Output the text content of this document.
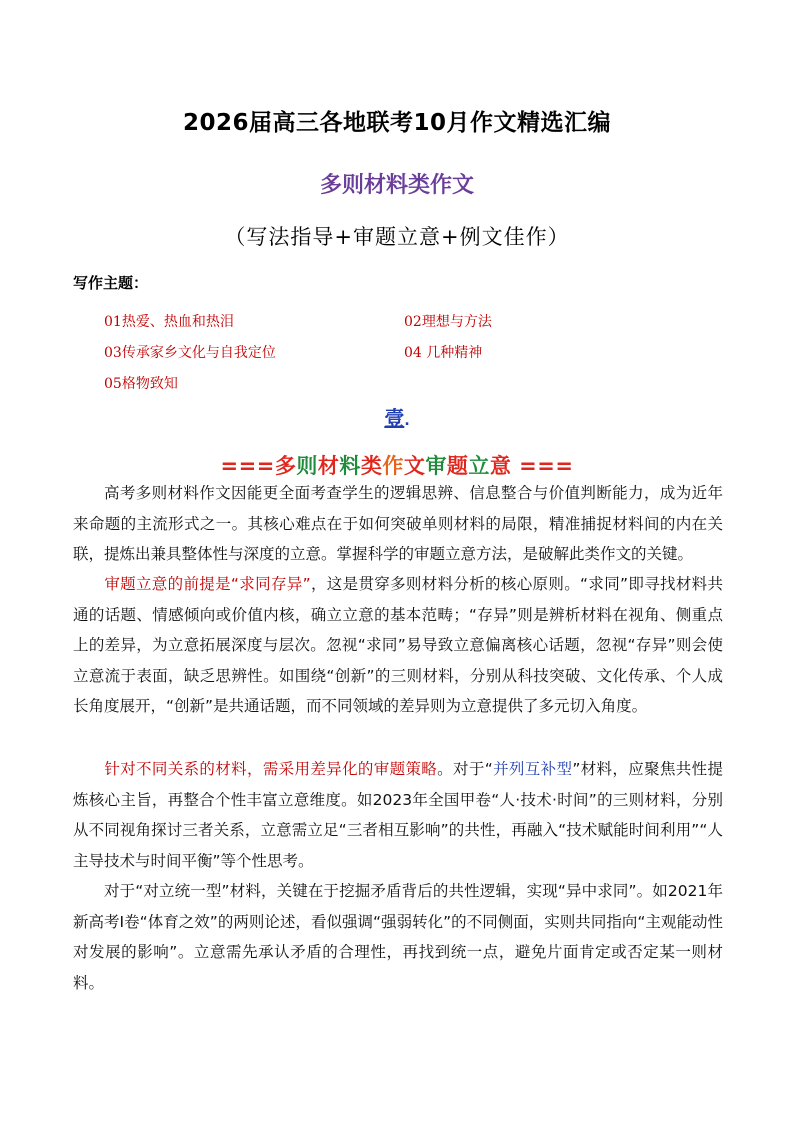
2026届高三各地联考10月作文精选汇编
多则材料类作文
（写法指导+审题立意+例文佳作）
写作主题：
01热爱、热血和热泪	02理想与方法
03传承家乡文化与自我定位	04 几种精神
05格物致知
壹.
===多则材料类作文审题立意 ===

高考多则材料作文因能更全面考查学生的逻辑思辨、信息整合与价值判断能力，成为近年来命题的主流形式之一。其核心难点在于如何突破单则材料的局限，精准捕捉材料间的内在关联，提炼出兼具整体性与深度的立意。掌握科学的审题立意方法，是破解此类作文的关键。

审题立意的前提是“求同存异”，这是贯穿多则材料分析的核心原则。“求同”即寻找材料共通的话题、情感倾向或价值内核，确立立意的基本范畴；“存异”则是辨析材料在视角、侧重点上的差异，为立意拓展深度与层次。忽视“求同”易导致立意偏离核心话题，忽视“存异”则会使立意流于表面，缺乏思辨性。如围绕“创新”的三则材料，分别从科技突破、文化传承、个人成长角度展开，“创新”是共通话题，而不同领域的差异则为立意提供了多元切入角度。

针对不同关系的材料，需采用差异化的审题策略。对于“并列互补型”材料，应聚焦共性提炼核心主旨，再整合个性丰富立意维度。如2023年全国甲卷“人·技术·时间”的三则材料，分别从不同视角探讨三者关系，立意需立足“三者相互影响”的共性，再融入“技术赋能时间利用”“人主导技术与时间平衡”等个性思考。

对于“对立统一型”材料，关键在于挖掘矛盾背后的共性逻辑，实现“异中求同”。如2021年新高考Ⅰ卷“体育之效”的两则论述，看似强调“强弱转化”的不同侧面，实则共同指向“主观能动性对发展的影响”。立意需先承认矛盾的合理性，再找到统一点，避免片面肯定或否定某一则材料。
